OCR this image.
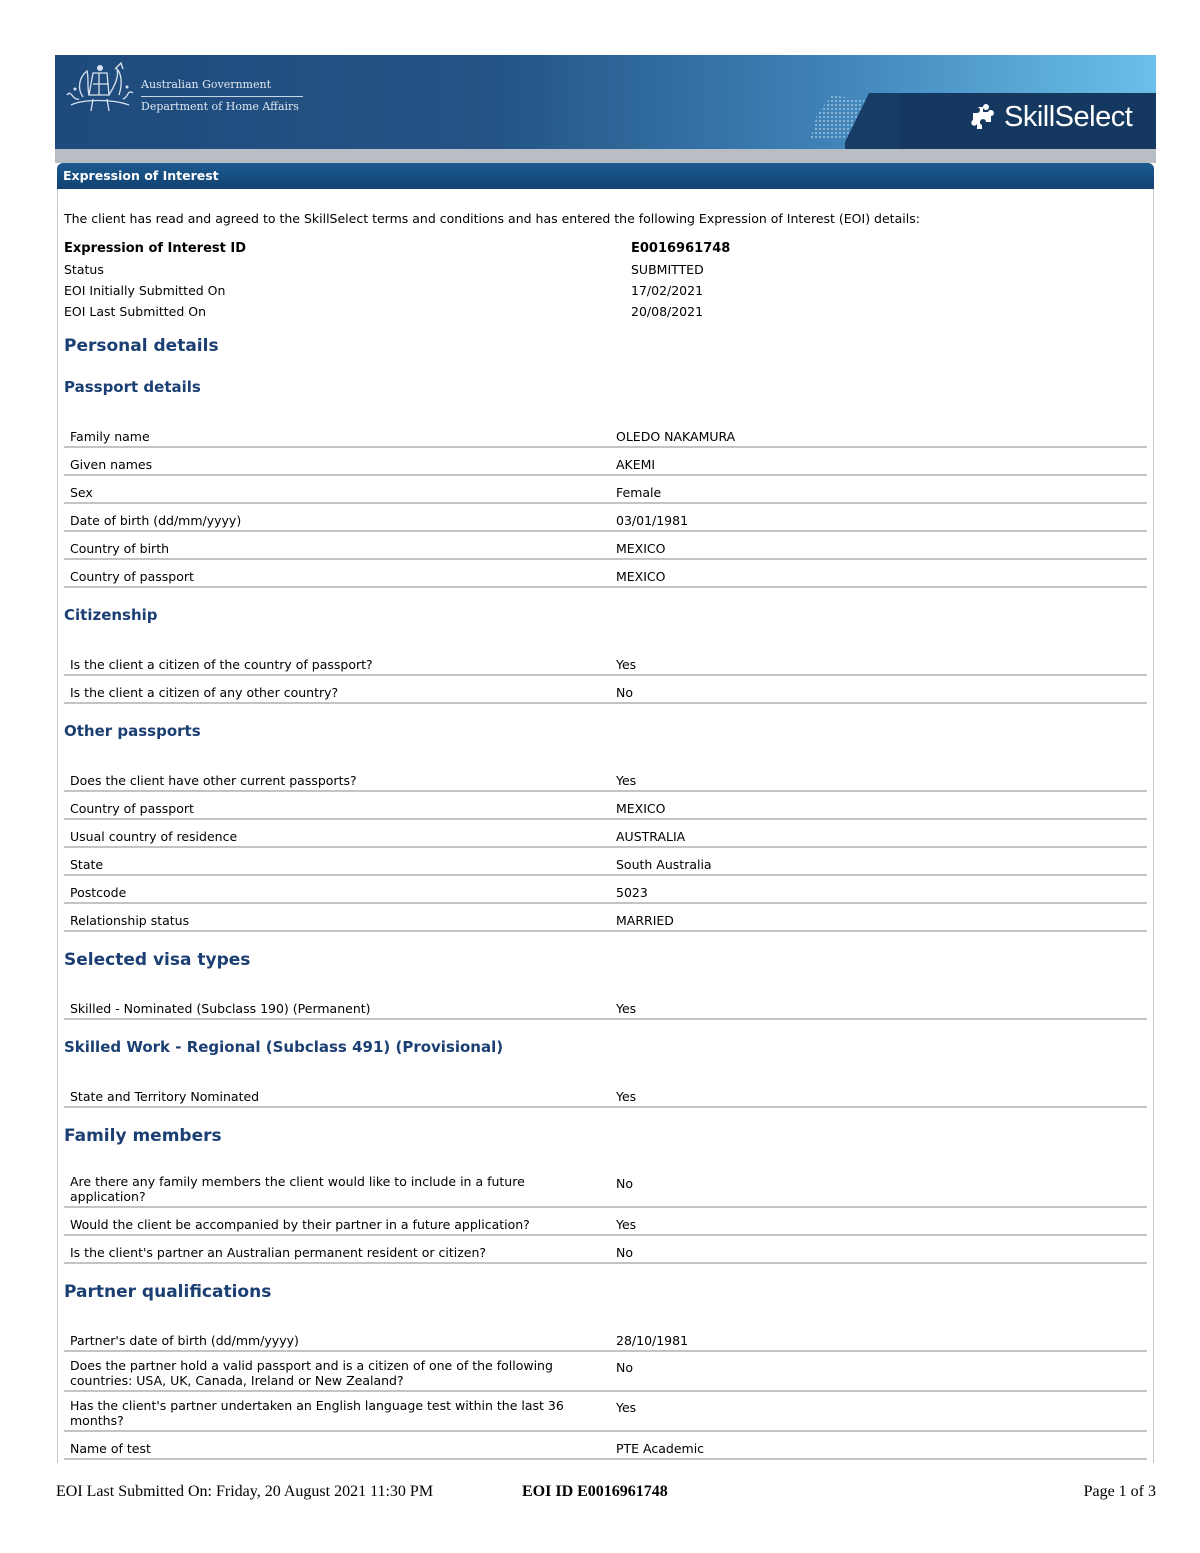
Australian Government
Department of Home Affairs	SkillSelect
Expression of Interest
The client has read and agreed to the SkillSelect terms and conditions and has entered the following Expression of Interest (EOI) details:
Expression of Interest ID	E0016961748
Status	SUBMITTED
EOI Initially Submitted On	17/02/2021
EOI Last Submitted On	20/08/2021
Personal details
Passport details
Family name	OLEDO NAKAMURA
Given names	AKEMI
Sex	Female
Date of birth (dd/mm/yyyy)	03/01/1981
Country of birth	MEXICO
Country of passport	MEXICO
Citizenship
Is the client a citizen of the country of passport?	Yes
Is the client a citizen of any other country?	No
Other passports
Does the client have other current passports?	Yes
Country of passport	MEXICO
Usual country of residence	AUSTRALIA
State	South Australia
Postcode	5023
Relationship status	MARRIED
Selected visa types
Skilled - Nominated (Subclass 190) (Permanent)	Yes
Skilled Work - Regional (Subclass 491) (Provisional)
State and Territory Nominated	Yes
Family members
Are there any family members the client would like to include in a future application?
No
Would the client be accompanied by their partner in a future application?	Yes
Is the client's partner an Australian permanent resident or citizen?	No
Partner qualifications
Partner's date of birth (dd/mm/yyyy)	28/10/1981
Does the partner hold a valid passport and is a citizen of one of the following countries: USA, UK, Canada, Ireland or New Zealand?
No
Has the client's partner undertaken an English language test within the last 36 months?
Yes
Name of test	PTE Academic
EOI Last Submitted On: Friday, 20 August 2021 11:30 PM	EOI ID E0016961748	Page 1 of 3
